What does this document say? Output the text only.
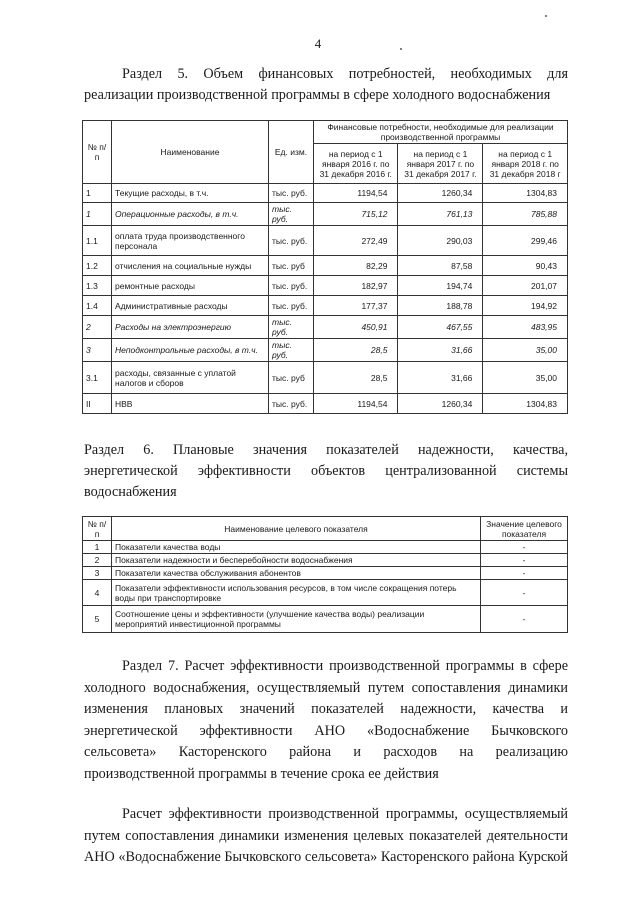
4
Раздел 5. Объем финансовых потребностей, необходимых для реализации производственной программы в сфере холодного водоснабжения
№ п/п	Наименование	Ед. изм.	Финансовые потребности, необходимые для реализации производственной программы		
			на период с 1 января 2016 г. по 31 декабря 2016 г.	на период с 1 января 2017 г. по 31 декабря 2017 г.	на период с 1 января 2018 г. по 31 декабря 2018 г
1	Текущие расходы, в т.ч.	тыс. руб.	1194,54	1260,34	1304,83
1	Операционные расходы, в т.ч.	тыс. руб.	715,12	761,13	785,88
1.1	оплата труда производственного персонала	тыс. руб.	272,49	290,03	299,46
1.2	отчисления на социальные нужды	тыс. руб	82,29	87,58	90,43
1.3	ремонтные расходы	тыс. руб.	182,97	194,74	201,07
1.4	Административные расходы	тыс. руб.	177,37	188,78	194,92
2	Расходы на электроэнергию	тыс. руб.	450,91	467,55	483,95
3	Неподконтрольные расходы, в т.ч.	тыс. руб.	28,5	31,66	35,00
3.1	расходы, связанные с уплатой налогов и сборов	тыс. руб	28,5	31,66	35,00
II	НВВ	тыс. руб.	1194,54	1260,34	1304,83
Раздел 6. Плановые значения показателей надежности, качества,
энергетической эффективности объектов централизованной системы
водоснабжения
№ п/п	Наименование целевого показателя	Значение целевого показателя
1	Показатели качества воды	-
2	Показатели надежности и бесперебойности водоснабжения	-
3	Показатели качества обслуживания абонентов	-
4	Показатели эффективности использования ресурсов, в том числе сокращения потерь воды при транспортировке	-
5	Соотношение цены и эффективности (улучшение качества воды) реализации мероприятий инвестиционной программы	-
Раздел 7. Расчет эффективности производственной программы в сфере холодного водоснабжения, осуществляемый путем сопоставления динамики изменения плановых значений показателей надежности, качества и энергетической эффективности АНО «Водоснабжение Бычковского сельсовета» Касторенского района и расходов на реализацию производственной программы в течение срока ее действия
Расчет эффективности производственной программы, осуществляемый путем сопоставления динамики изменения целевых показателей деятельности АНО «Водоснабжение Бычковского сельсовета» Касторенского района Курской
